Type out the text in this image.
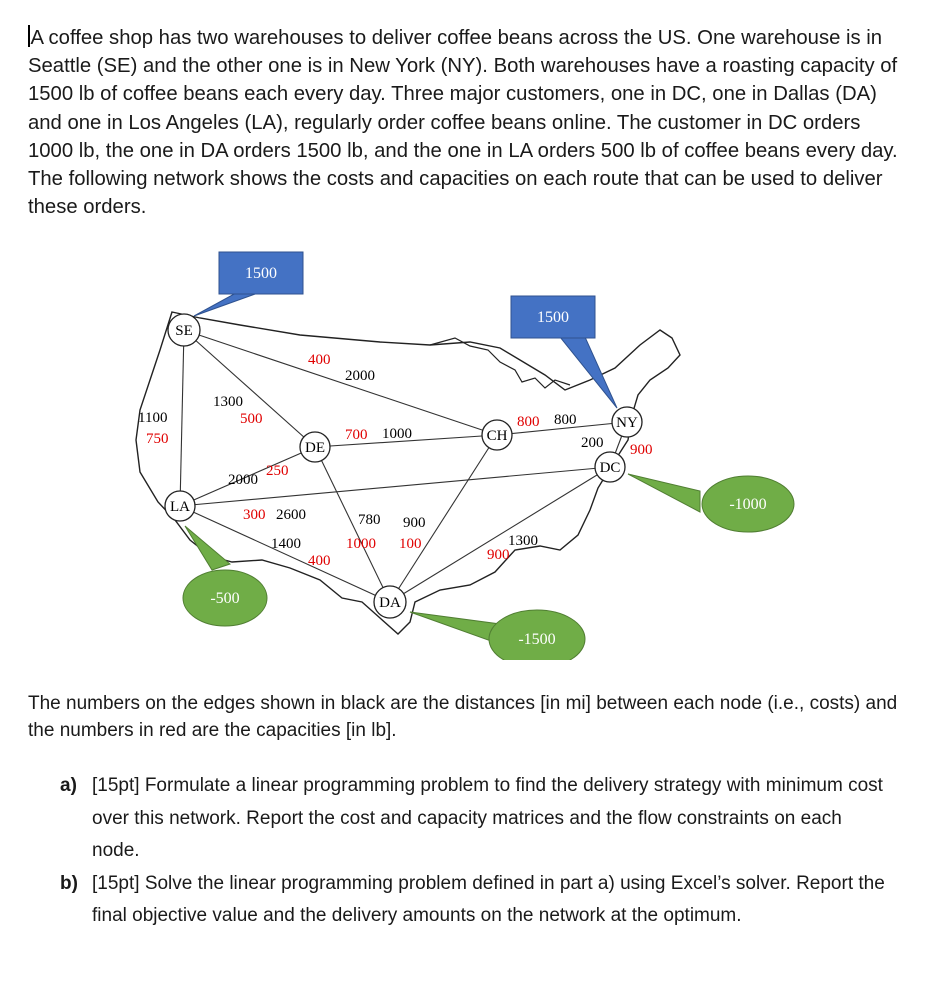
A coffee shop has two warehouses to deliver coffee beans across the US. One warehouse is in Seattle (SE) and the other one is in New York (NY). Both warehouses have a roasting capacity of 1500 lb of coffee beans each every day. Three major customers, one in DC, one in Dallas (DA) and one in Los Angeles (LA), regularly order coffee beans online. The customer in DC orders 1000 lb, the one in DA orders 1500 lb, and the one in LA orders 500 lb of coffee beans every day. The following network shows the costs and capacities on each route that can be used to deliver these orders.

1500
1500
-500
-1500
-1000
SE
LA
DE
CH
NY
DC
DA
1100
750
1300
500
2000
400
2000
250
2600
300
1400
400
1000
700
780
1000
900
100
800
800
200 900
1300
900

The numbers on the edges shown in black are the distances [in mi] between each node (i.e., costs) and the numbers in red are the capacities [in lb].

a) [15pt] Formulate a linear programming problem to find the delivery strategy with minimum cost over this network. Report the cost and capacity matrices and the flow constraints on each node.
b) [15pt] Solve the linear programming problem defined in part a) using Excel’s solver. Report the final objective value and the delivery amounts on the network at the optimum.
